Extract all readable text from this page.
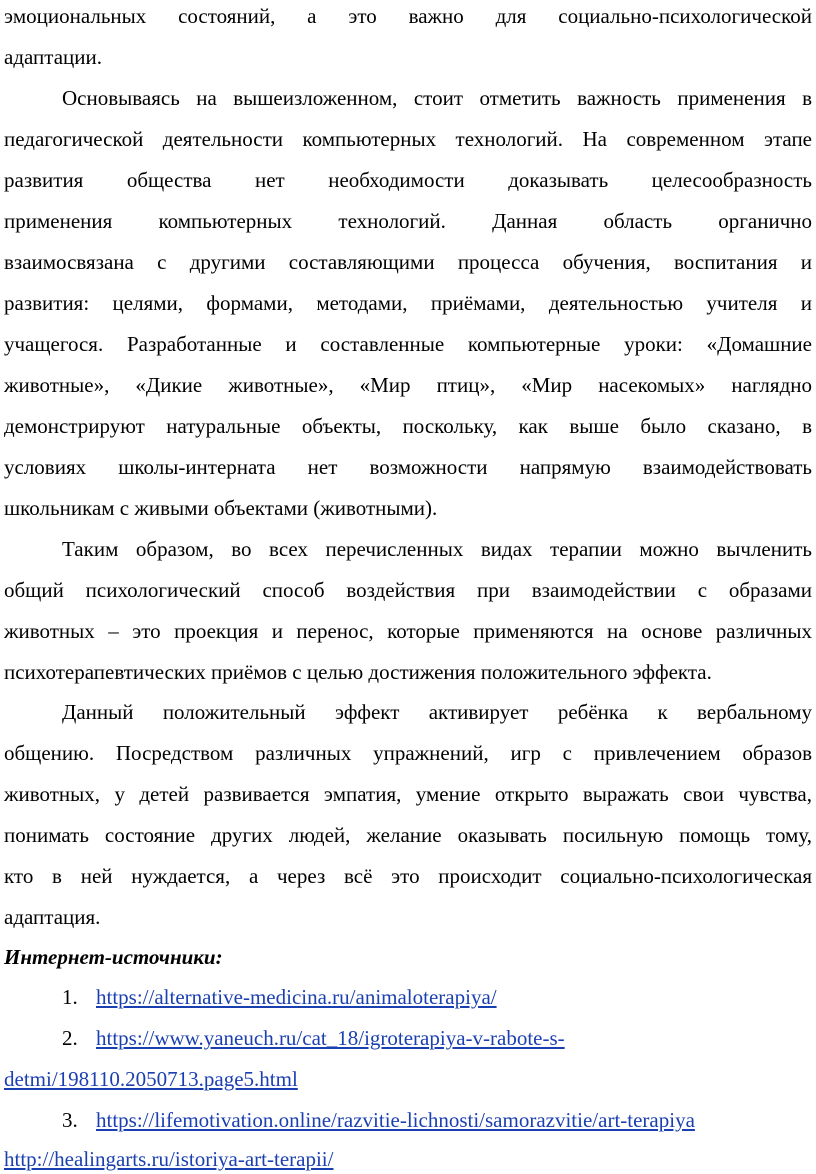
эмоциональных состояний, а это важно для социально-психологической
адаптации.
Основываясь на вышеизложенном, стоит отметить важность применения в
педагогической деятельности компьютерных технологий. На современном этапе
развития общества нет необходимости доказывать целесообразность
применения компьютерных технологий. Данная область органично
взаимосвязана с другими составляющими процесса обучения, воспитания и
развития: целями, формами, методами, приёмами, деятельностью учителя и
учащегося. Разработанные и составленные компьютерные уроки: «Домашние
животные», «Дикие животные», «Мир птиц», «Мир насекомых» наглядно
демонстрируют натуральные объекты, поскольку, как выше было сказано, в
условиях школы-интерната нет возможности напрямую взаимодействовать
школьникам с живыми объектами (животными).
Таким образом, во всех перечисленных видах терапии можно вычленить
общий психологический способ воздействия при взаимодействии с образами
животных – это проекция и перенос, которые применяются на основе различных
психотерапевтических приёмов с целью достижения положительного эффекта.
Данный положительный эффект активирует ребёнка к вербальному
общению. Посредством различных упражнений, игр с привлечением образов
животных, у детей развивается эмпатия, умение открыто выражать свои чувства,
понимать состояние других людей, желание оказывать посильную помощь тому,
кто в ней нуждается, а через всё это происходит социально-психологическая
адаптация.
Интернет-источники:
1. https://alternative-medicina.ru/animaloterapiya/
2. https://www.yaneuch.ru/cat_18/igroterapiya-v-rabote-s-
detmi/198110.2050713.page5.html
3. https://lifemotivation.online/razvitie-lichnosti/samorazvitie/art-terapiya
http://healingarts.ru/istoriya-art-terapii/
